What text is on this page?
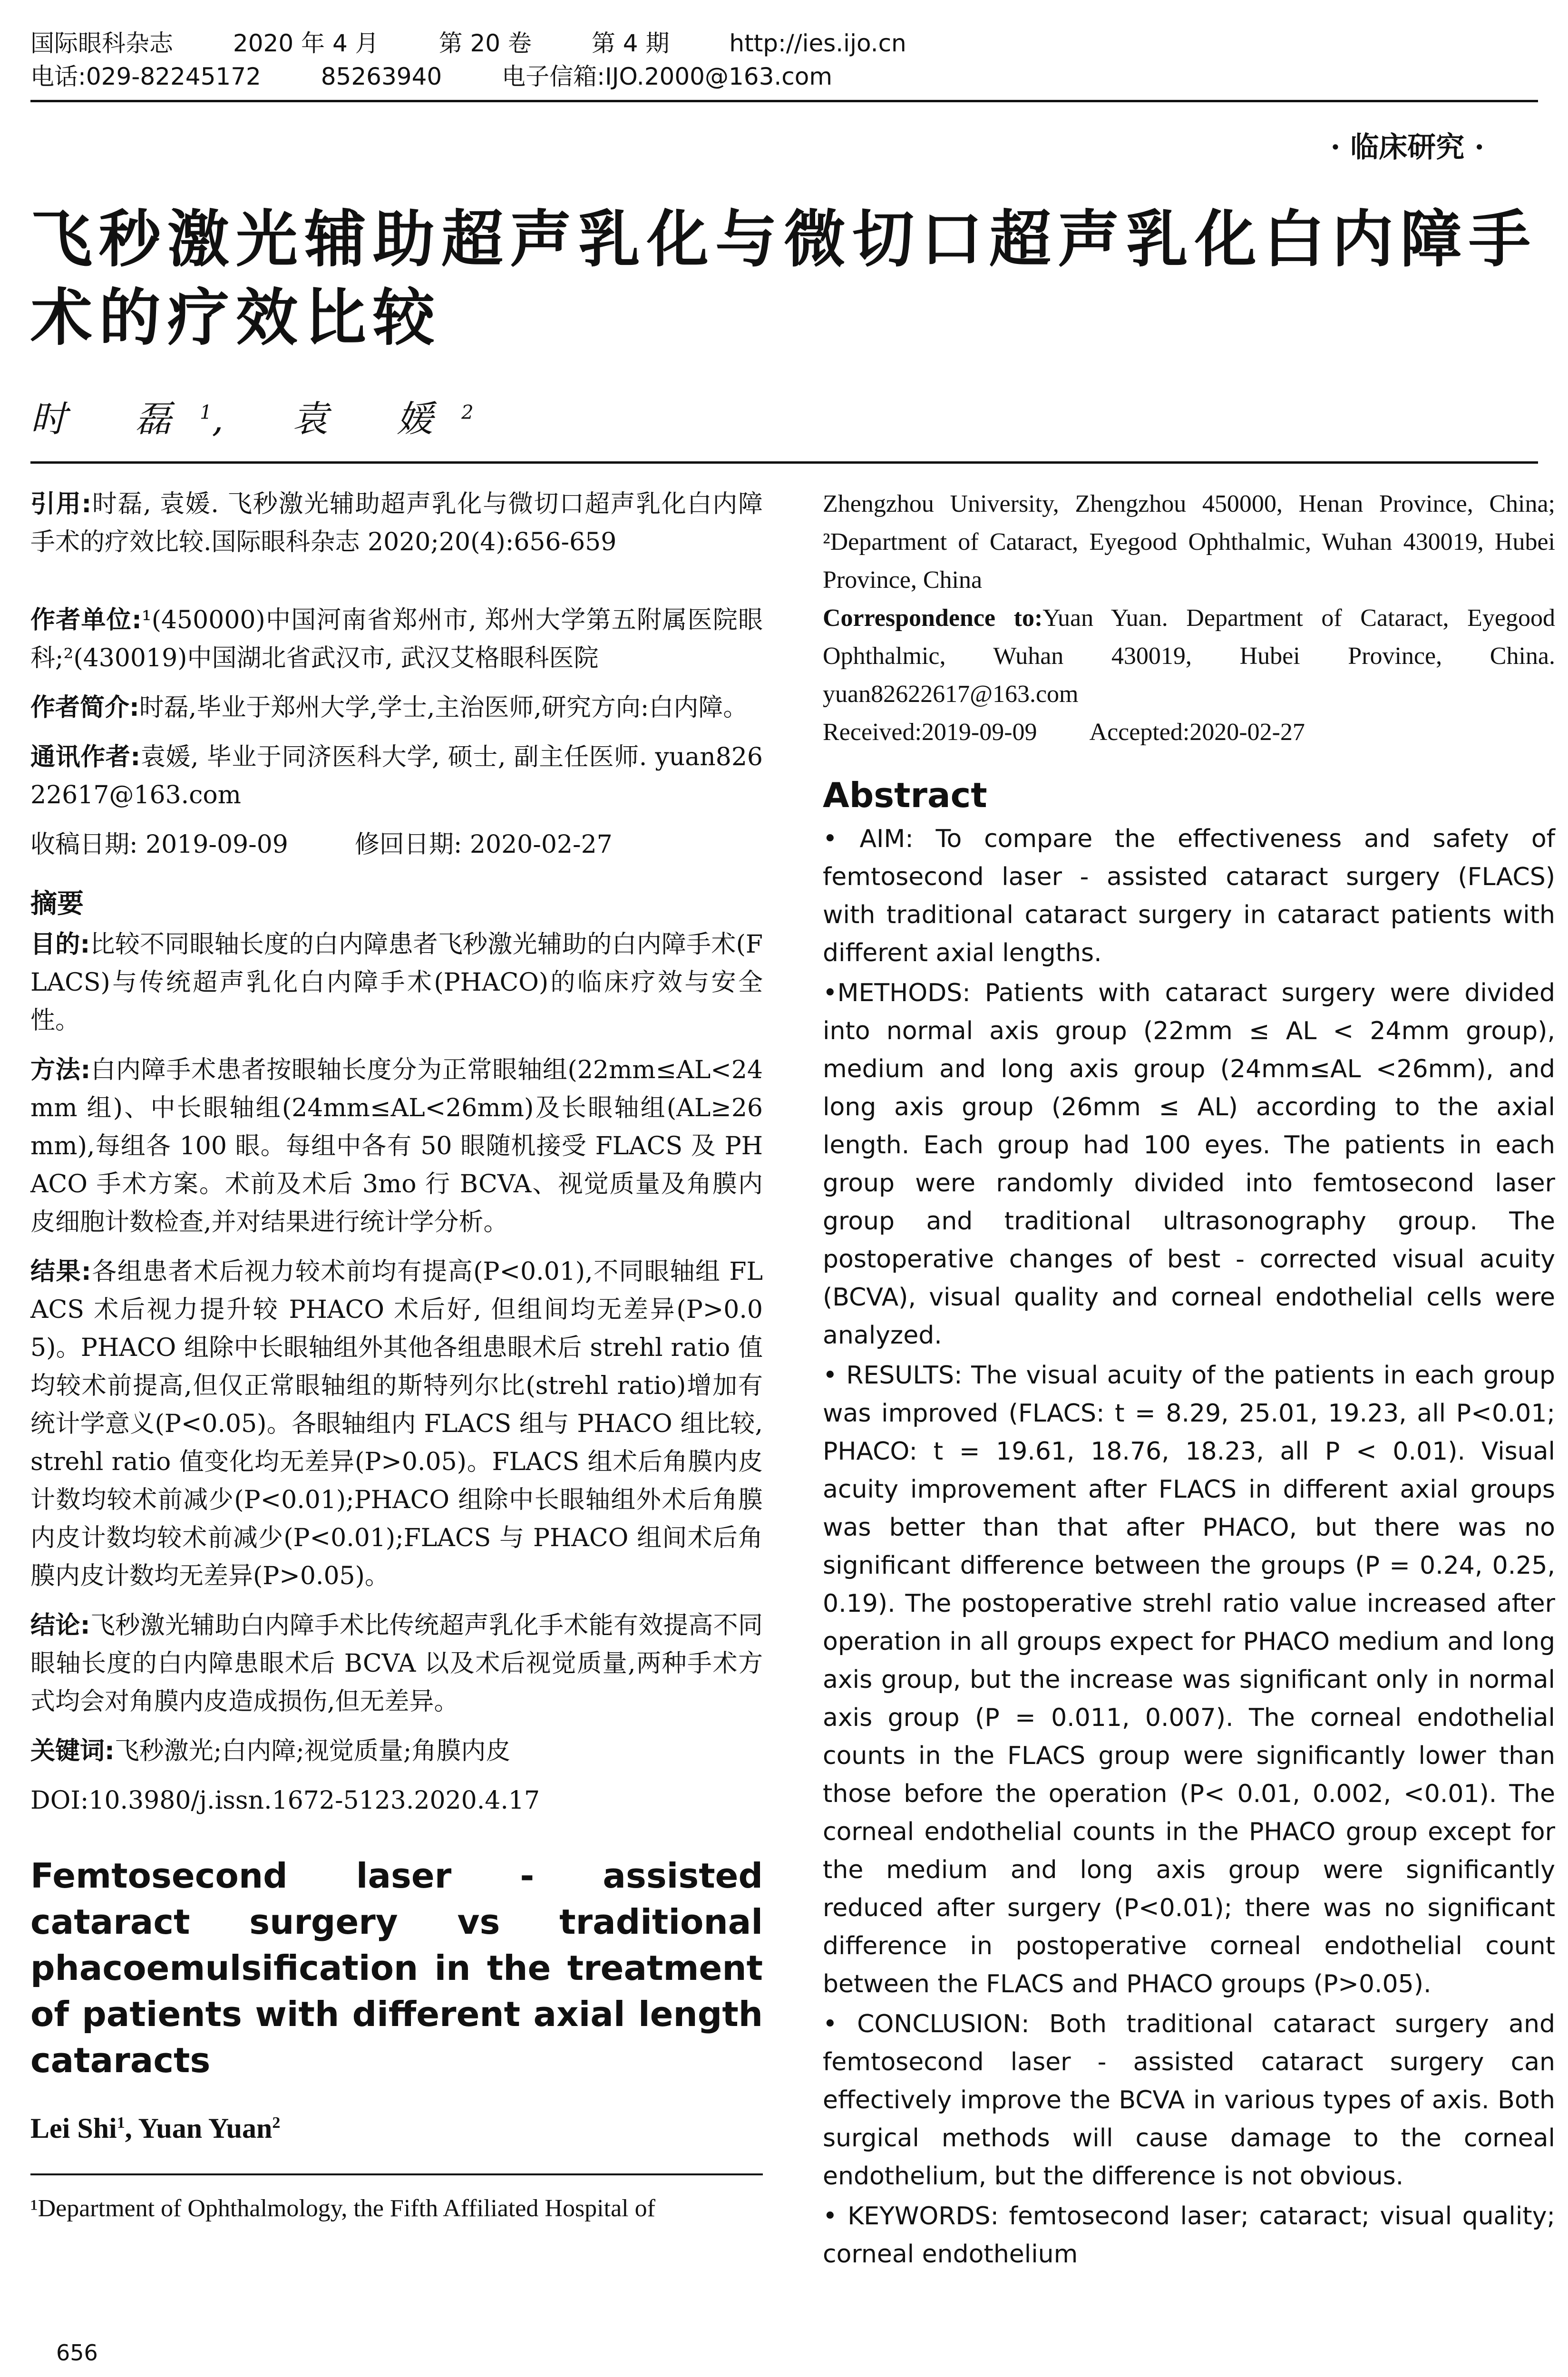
国际眼科杂志	2020 年 4 月	第 20 卷	第 4 期	http://ies.ijo.cn
电话:029-82245172	85263940	电子信箱:IJO.2000@163.com
· 临床研究 ·
飞秒激光辅助超声乳化与微切口超声乳化白内障手术的疗效比较
时 磊$^1$, 袁 媛$^2$

引用:时磊, 袁媛. 飞秒激光辅助超声乳化与微切口超声乳化白内障手术的疗效比较.国际眼科杂志 2020;20(4):656-659

作者单位:¹(450000)中国河南省郑州市, 郑州大学第五附属医院眼科;²(430019)中国湖北省武汉市, 武汉艾格眼科医院

作者简介:时磊,毕业于郑州大学,学士,主治医师,研究方向:白内障。

通讯作者:袁媛, 毕业于同济医科大学, 硕士, 副主任医师. yuan82622617@163.com

收稿日期: 2019-09-09	修回日期: 2020-02-27

摘要

目的:比较不同眼轴长度的白内障患者飞秒激光辅助的白内障手术(FLACS)与传统超声乳化白内障手术(PHACO)的临床疗效与安全性。

方法:白内障手术患者按眼轴长度分为正常眼轴组(22mm≤AL<24mm 组)、中长眼轴组(24mm≤AL<26mm)及长眼轴组(AL≥26mm),每组各 100 眼。每组中各有 50 眼随机接受 FLACS 及 PHACO 手术方案。术前及术后 3mo 行 BCVA、视觉质量及角膜内皮细胞计数检查,并对结果进行统计学分析。

结果:各组患者术后视力较术前均有提高(P<0.01),不同眼轴组 FLACS 术后视力提升较 PHACO 术后好, 但组间均无差异(P>0.05)。PHACO 组除中长眼轴组外其他各组患眼术后 strehl ratio 值均较术前提高,但仅正常眼轴组的斯特列尔比(strehl ratio)增加有统计学意义(P<0.05)。各眼轴组内 FLACS 组与 PHACO 组比较,strehl ratio 值变化均无差异(P>0.05)。FLACS 组术后角膜内皮计数均较术前减少(P<0.01);PHACO 组除中长眼轴组外术后角膜内皮计数均较术前减少(P<0.01);FLACS 与 PHACO 组间术后角膜内皮计数均无差异(P>0.05)。

结论:飞秒激光辅助白内障手术比传统超声乳化手术能有效提高不同眼轴长度的白内障患眼术后 BCVA 以及术后视觉质量,两种手术方式均会对角膜内皮造成损伤,但无差异。

关键词:飞秒激光;白内障;视觉质量;角膜内皮

DOI:10.3980/j.issn.1672-5123.2020.4.17

Femtosecond laser - assisted cataract surgery vs traditional phacoemulsification in the treatment of patients with different axial length cataracts
Lei Shi$^1$, Yuan Yuan$^2$
¹Department of Ophthalmology, the Fifth Affiliated Hospital of
Zhengzhou University, Zhengzhou 450000, Henan Province, China; ²Department of Cataract, Eyegood Ophthalmic, Wuhan 430019, Hubei Province, China
Correspondence to:Yuan Yuan. Department of Cataract, Eyegood Ophthalmic, Wuhan 430019, Hubei Province, China. yuan82622617@163.com
Received:2019-09-09 Accepted:2020-02-27
Abstract

• AIM: To compare the effectiveness and safety of femtosecond laser - assisted cataract surgery (FLACS) with traditional cataract surgery in cataract patients with different axial lengths.

•METHODS: Patients with cataract surgery were divided into normal axis group (22mm ≤ AL < 24mm group), medium and long axis group (24mm≤AL <26mm), and long axis group (26mm ≤ AL) according to the axial length. Each group had 100 eyes. The patients in each group were randomly divided into femtosecond laser group and traditional ultrasonography group. The postoperative changes of best - corrected visual acuity (BCVA), visual quality and corneal endothelial cells were analyzed.

• RESULTS: The visual acuity of the patients in each group was improved (FLACS: t = 8.29, 25.01, 19.23, all P<0.01; PHACO: t = 19.61, 18.76, 18.23, all P < 0.01). Visual acuity improvement after FLACS in different axial groups was better than that after PHACO, but there was no significant difference between the groups (P = 0.24, 0.25, 0.19). The postoperative strehl ratio value increased after operation in all groups expect for PHACO medium and long axis group, but the increase was significant only in normal axis group (P = 0.011, 0.007). The corneal endothelial counts in the FLACS group were significantly lower than those before the operation (P< 0.01, 0.002, <0.01). The corneal endothelial counts in the PHACO group except for the medium and long axis group were significantly reduced after surgery (P<0.01); there was no significant difference in postoperative corneal endothelial count between the FLACS and PHACO groups (P>0.05).

• CONCLUSION: Both traditional cataract surgery and femtosecond laser - assisted cataract surgery can effectively improve the BCVA in various types of axis. Both surgical methods will cause damage to the corneal endothelium, but the difference is not obvious.

• KEYWORDS: femtosecond laser; cataract; visual quality; corneal endothelium

656
